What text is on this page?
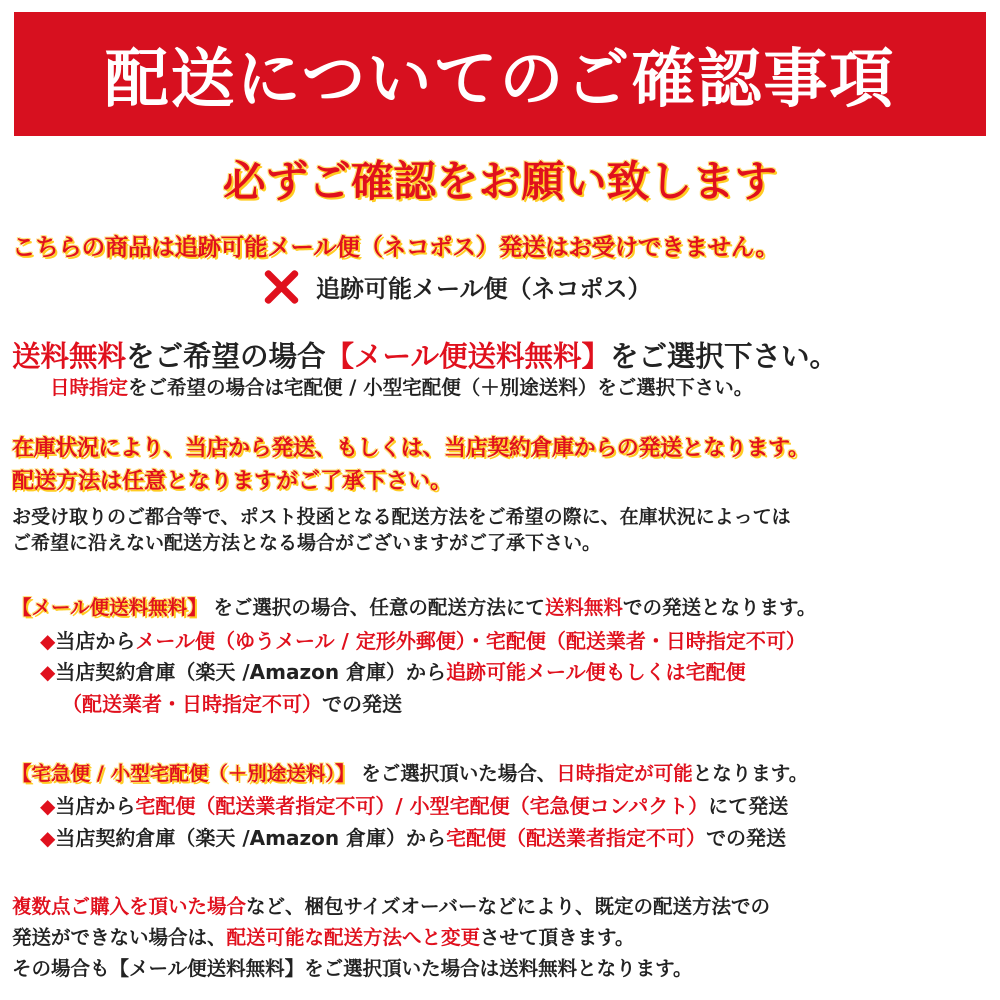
配送についてのご確認事項
必ずご確認をお願い致します
こちらの商品は追跡可能メール便（ネコポス）発送はお受けできません。
追跡可能メール便（ネコポス）
送料無料をご希望の場合【メール便送料無料】をご選択下さい。
日時指定をご希望の場合は宅配便 / 小型宅配便（＋別途送料）をご選択下さい。
在庫状況により、当店から発送、もしくは、当店契約倉庫からの発送となります。
配送方法は任意となりますがご了承下さい。
お受け取りのご都合等で、ポスト投函となる配送方法をご希望の際に、在庫状況によっては
ご希望に沿えない配送方法となる場合がございますがご了承下さい。
【メール便送料無料】 をご選択の場合、任意の配送方法にて送料無料での発送となります。
◆当店からメール便（ゆうメール / 定形外郵便）・宅配便（配送業者・日時指定不可）
◆当店契約倉庫（楽天 /Amazon 倉庫）から追跡可能メール便もしくは宅配便
（配送業者・日時指定不可）での発送
【宅急便 / 小型宅配便（＋別途送料）】 をご選択頂いた場合、日時指定が可能となります。
◆当店から宅配便（配送業者指定不可）/ 小型宅配便（宅急便コンパクト）にて発送
◆当店契約倉庫（楽天 /Amazon 倉庫）から宅配便（配送業者指定不可）での発送
複数点ご購入を頂いた場合など、梱包サイズオーバーなどにより、既定の配送方法での
発送ができない場合は、配送可能な配送方法へと変更させて頂きます。
その場合も【メール便送料無料】をご選択頂いた場合は送料無料となります。
